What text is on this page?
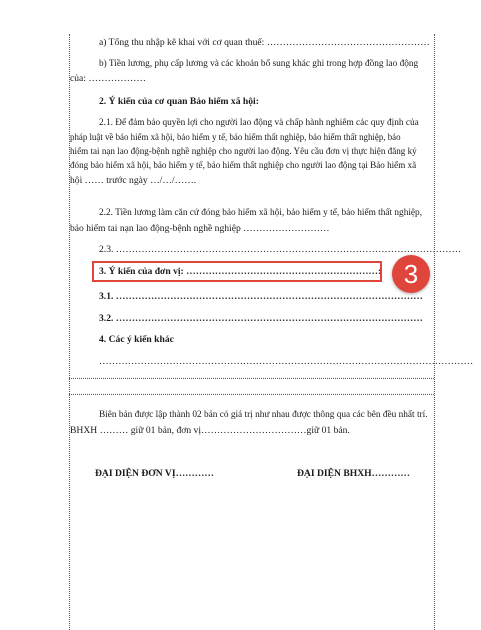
a) Tổng thu nhập kê khai với cơ quan thuế: ……………………………………………
b) Tiền lương, phụ cấp lương và các khoản bổ sung khác ghi trong hợp đồng lao động
của: ………………
2. Ý kiến của cơ quan Bảo hiểm xã hội:
2.1. Để đảm bảo quyền lợi cho người lao động và chấp hành nghiêm các quy định của
pháp luật về bảo hiểm xã hội, bảo hiểm y tế, bảo hiểm thất nghiệp, bảo hiểm thất nghiệp, bảo
hiểm tai nạn lao động-bệnh nghề nghiệp cho người lao động. Yêu cầu đơn vị thực hiện đăng ký
đóng bảo hiểm xã hội, bảo hiểm y tế, bảo hiểm thất nghiệp cho người lao động tại Bảo hiểm xã
hội …… trước ngày …/…/…….
2.2. Tiền lương làm căn cứ đóng bảo hiểm xã hội, bảo hiểm y tế, bảo hiểm thất nghiệp,
bảo hiểm tai nạn lao động-bệnh nghề nghiệp ………………………
2.3. ………………………………………………………………………………………………
3. Ý kiến của đơn vị: ……………………………………………………: 3
3.1. ……………………………………………………………………………………
3.2. ……………………………………………………………………………………
4. Các ý kiến khác
………………………………………………………………………………………………………
Biên bản được lập thành 02 bản có giá trị như nhau được thông qua các bên đều nhất trí.
BHXH ……… giữ 01 bản, đơn vị……………………………giữ 01 bản.
ĐẠI DIỆN ĐƠN VỊ…………	ĐẠI DIỆN BHXH…………
